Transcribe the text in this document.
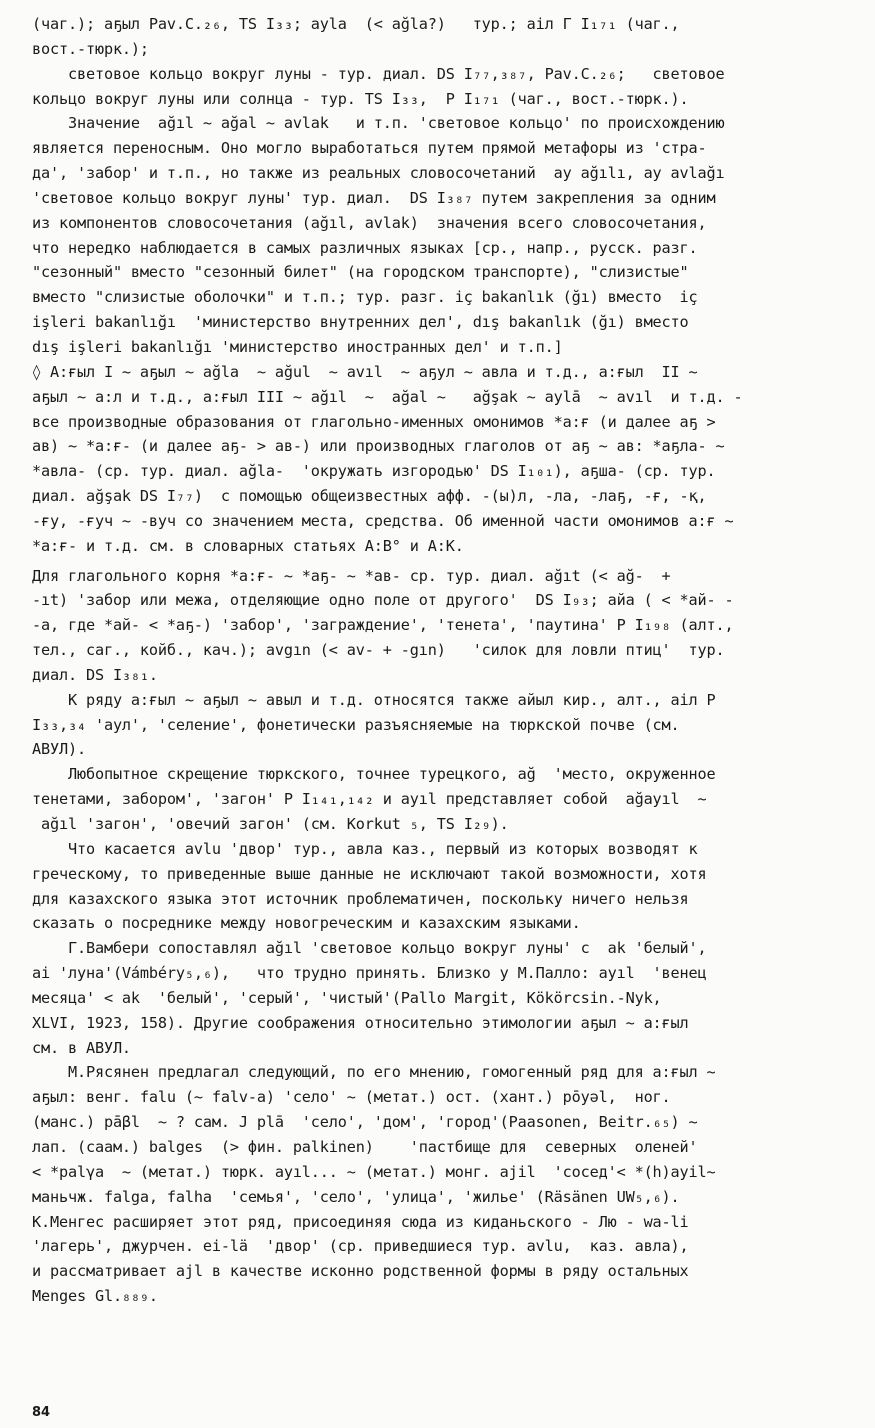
(чаг.); аҕыл Pav.C.₂₆, TS I₃₃; ayla  (< ağla?)   тур.; аіл Г I₁₇₁ (чаг.,
вост.-тюрк.);
световое кольцо вокруг луны - тур. диал. DS I₇₇,₃₈₇, Pav.C.₂₆;   световое
кольцо вокруг луны или солнца - тур. TS I₃₃,  P I₁₇₁ (чаг., вост.-тюрк.).
Значение  ağıl ~ ağal ~ avlak   и т.п. 'световое кольцо' по происхождению
является переносным. Оно могло выработаться путем прямой метафоры из 'стра-
да', 'забор' и т.п., но также из реальных словосочетаний  ay ağılı, ay avlağı
'световое кольцо вокруг луны' тур. диал.  DS I₃₈₇ путем закрепления за одним
из компонентов словосочетания (ağıl, avlak)  значения всего словосочетания,
что нередко наблюдается в самых различных языках [ср., напр., русск. разг.
"сезонный" вместо "сезонный билет" (на городском транспорте), "слизистые"
вместо "слизистые оболочки" и т.п.; тур. разг. iç bakanlık (ğı) вместо  iç
işleri bakanlığı  'министерство внутренних дел', dış bakanlık (ğı) вместо
dış işleri bakanlığı 'министерство иностранных дел' и т.п.]
◊ А:ғыл I ~ аҕыл ~ ağla  ~ ağul  ~ avıl  ~ аҕул ~ авла и т.д., а:ғыл  II ~
аҕыл ~ а:л и т.д., а:ғыл III ~ ağıl  ~  ağal ~   ağşak ~ aylā  ~ avıl  и т.д. -
все производные образования от глагольно-именных омонимов *а:ғ (и далее аҕ >
ав) ~ *а:ғ- (и далее аҕ- > ав-) или производных глаголов от аҕ ~ ав: *аҕла- ~
*авла- (ср. тур. диал. ağla-  'окружать изгородью' DS I₁₀₁), аҕша- (ср. тур.
диал. ağşak DS I₇₇)  с помощью общеизвестных афф. -(ы)л, -ла, -лаҕ, -ғ, -қ,
-ғу, -ғуч ~ -вуч со значением места, средства. Об именной части омонимов а:ғ ~
*а:ғ- и т.д. см. в словарных статьях А:В° и А:К.
Для глагольного корня *а:ғ- ~ *аҕ- ~ *ав- ср. тур. диал. ağıt (< ağ-  +
-ıt) 'забор или межа, отделяющие одно поле от другого'  DS I₉₃; айа ( < *ай- -
-а, где *ай- < *аҕ-) 'забор', 'заграждение', 'тенета', 'паутина' P I₁₉₈ (алт.,
тел., саг., койб., кач.); avgın (< av- + -gın)   'силок для ловли птиц'  тур.
диал. DS I₃₈₁.
К ряду а:ғыл ~ аҕыл ~ авыл и т.д. относятся также айыл кир., алт., аіл P
I₃₃,₃₄ 'аул', 'селение', фонетически разъясняемые на тюркской почве (см.
АВУЛ).
Любопытное скрещение тюркского, точнее турецкого, ağ  'место, окруженное
тенетами, забором', 'загон' P I₁₄₁,₁₄₂ и ayıl представляет собой  ağayıl  ~
ağıl 'загон', 'овечий загон' (см. Korkut ₅, TS I₂₉).
Что касается avlu 'двор' тур., авла каз., первый из которых возводят к
греческому, то приведенные выше данные не исключают такой возможности, хотя
для казахского языка этот источник проблематичен, поскольку ничего нельзя
сказать о посреднике между новогреческим и казахским языками.
Г.Вамбери сопоставлял ağıl 'световое кольцо вокруг луны' с  ak 'белый',
ai 'луна'(Vámbéry₅,₆),   что трудно принять. Близко у М.Палло: ayıl  'венец
месяца' < ak  'белый', 'серый', 'чистый'(Pallo Margit, Kökörcsin.-Nyk,
XLVI, 1923, 158). Другие соображения относительно этимологии аҕыл ~ а:ғыл
см. в АВУЛ.
М.Рясянен предлагал следующий, по его мнению, гомогенный ряд для а:ғыл ~
аҕыл: венг. falu (~ falv-a) 'село' ~ (метат.) ост. (хант.) pōyəl,  ног.
(манс.) pāβl  ~ ? сам. J plā  'село', 'дом', 'город'(Paasonen, Beitr.₆₅) ~
лап. (саам.) balges  (> фин. palkinen)    'пастбище для  северных  оленей'
< *palγa  ~ (метат.) тюрк. ayıl... ~ (метат.) монг. ajil  'сосед'< *(h)ayil~
маньчж. falga, falha  'семья', 'село', 'улица', 'жилье' (Räsänen UW₅,₆).
К.Менгес расширяет этот ряд, присоединяя сюда из киданьского - Лю - wa-li
'лагерь', джурчен. ei-lä  'двор' (ср. приведшиеся тур. avlu,  каз. авла),
и рассматривает ajl в качестве исконно родственной формы в ряду остальных
Menges Gl.₈₈₉.
84
